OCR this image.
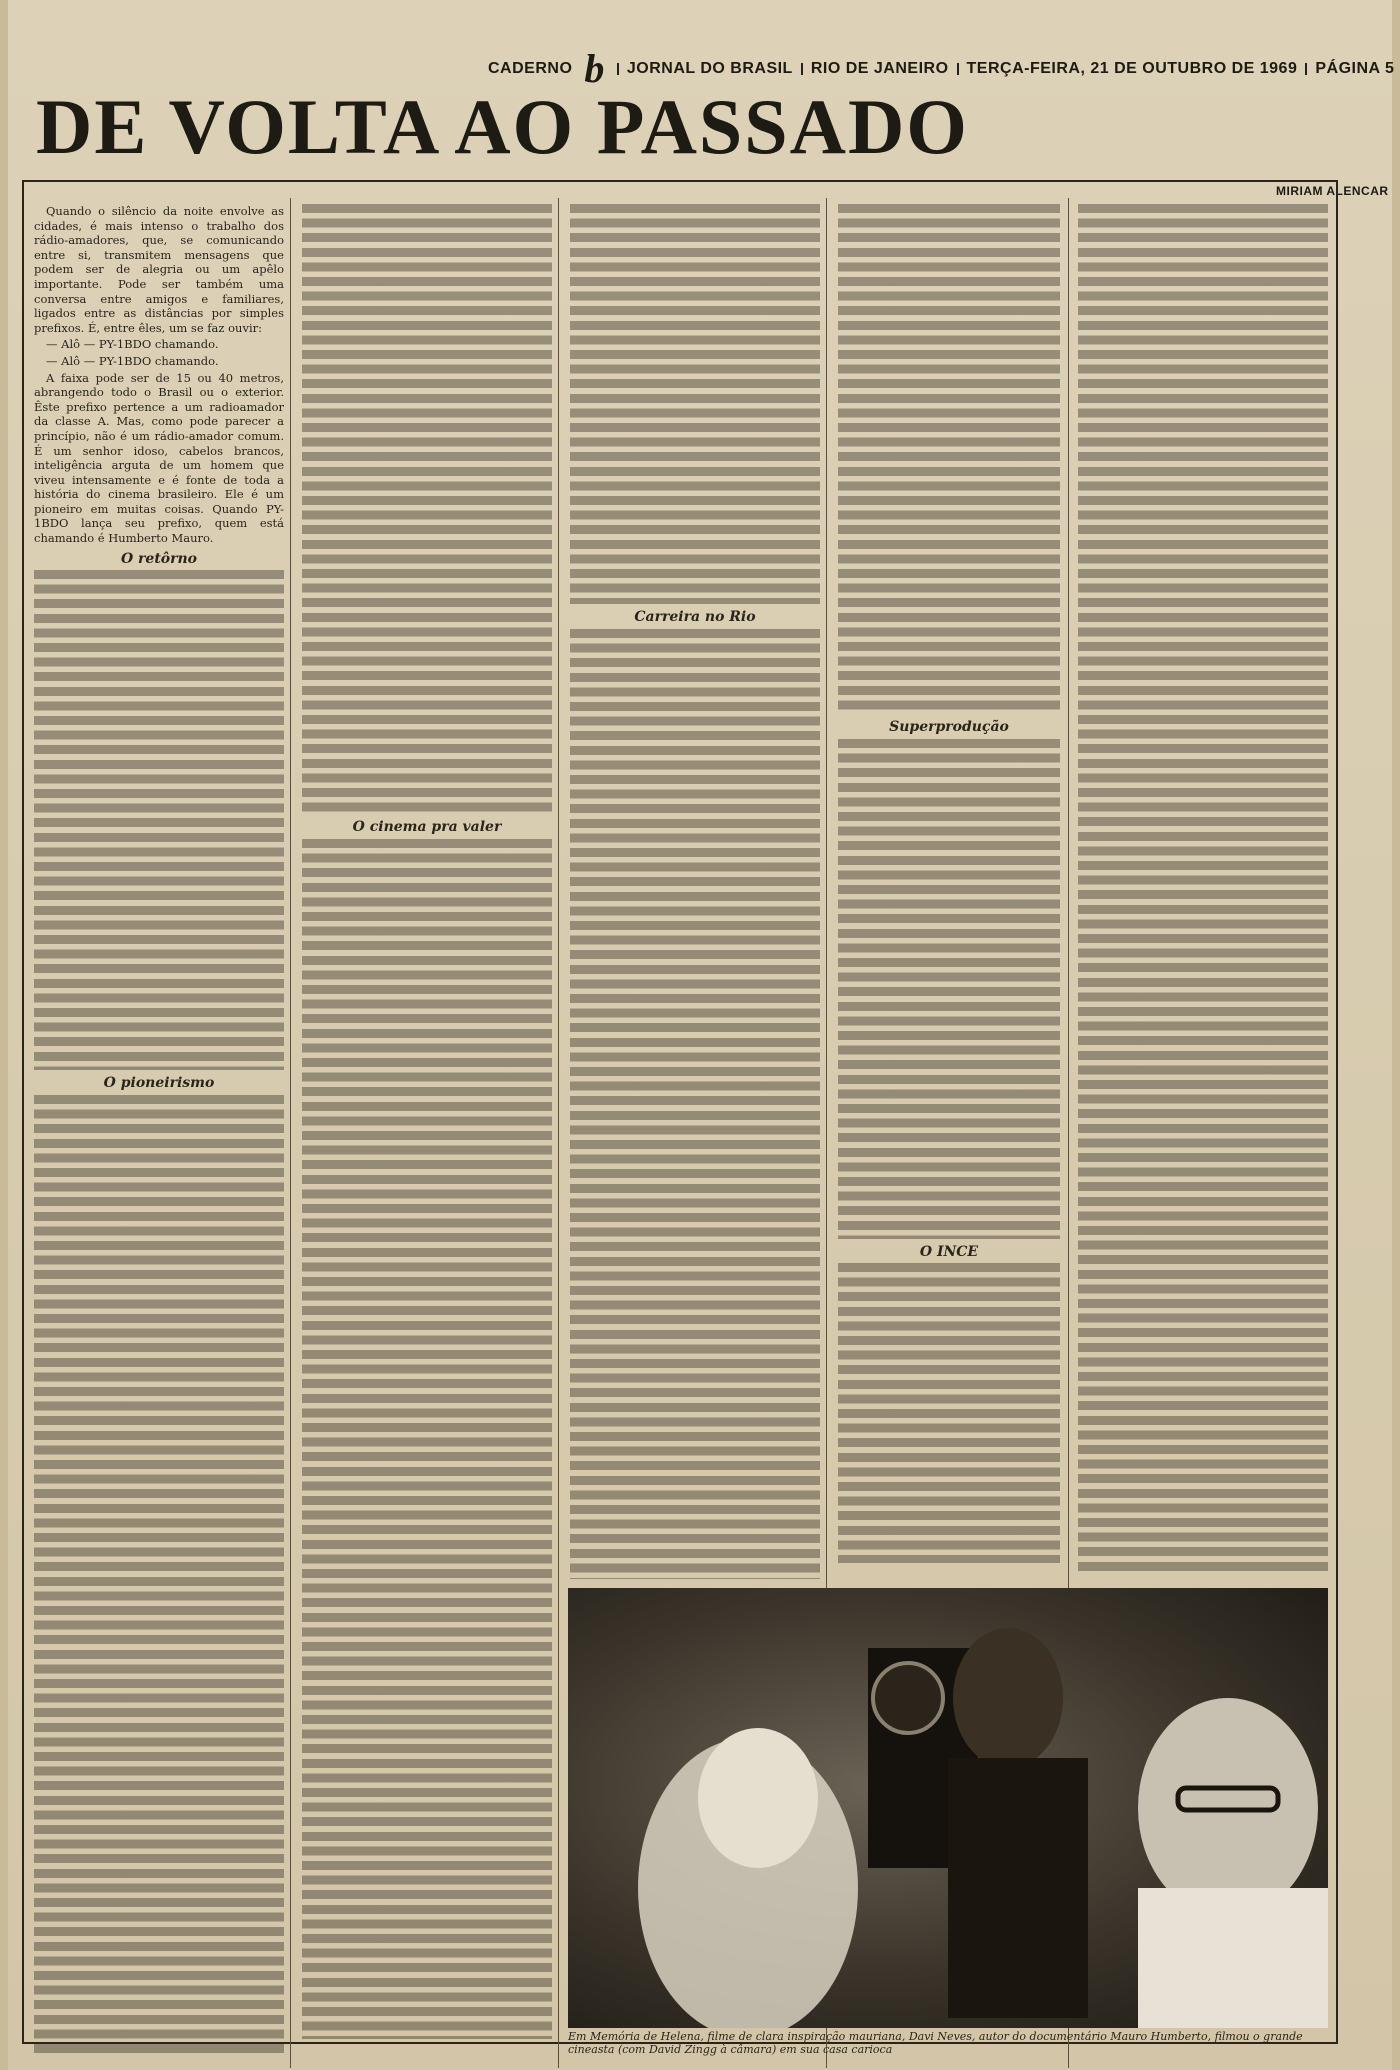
CADERNO b JORNAL DO BRASIL RIO DE JANEIRO TERÇA-FEIRA, 21 DE OUTUBRO DE 1969 PÁGINA 5
DE VOLTA AO PASSADO
MIRIAM ALENCAR

Quando o silêncio da noite envolve as cidades, é mais intenso o trabalho dos rádio-amadores, que, se comunicando entre si, transmitem mensagens que podem ser de alegria ou um apêlo importante. Pode ser também uma conversa entre amigos e familiares, ligados entre as distâncias por simples prefixos. É, entre êles, um se faz ouvir:

— Alô — PY-1BDO chamando.

— Alô — PY-1BDO chamando.

A faixa pode ser de 15 ou 40 metros, abrangendo todo o Brasil ou o exterior. Êste prefixo pertence a um radioamador da classe A. Mas, como pode parecer a princípio, não é um rádio-amador comum. É um senhor idoso, cabelos brancos, inteligência arguta de um homem que viveu intensamente e é fonte de toda a história do cinema brasileiro. Ele é um pioneiro em muitas coisas. Quando PY-1BDO lança seu prefixo, quem está chamando é Humberto Mauro.

O retôrno
O pioneirismo
O cinema pra valer
Carreira no Rio
Superprodução
O INCE
Em Memória de Helena, filme de clara inspiração mauriana, Davi Neves, autor do documentário Mauro Humberto, filmou o grande cineasta (com David Zingg à câmara) em sua casa carioca
